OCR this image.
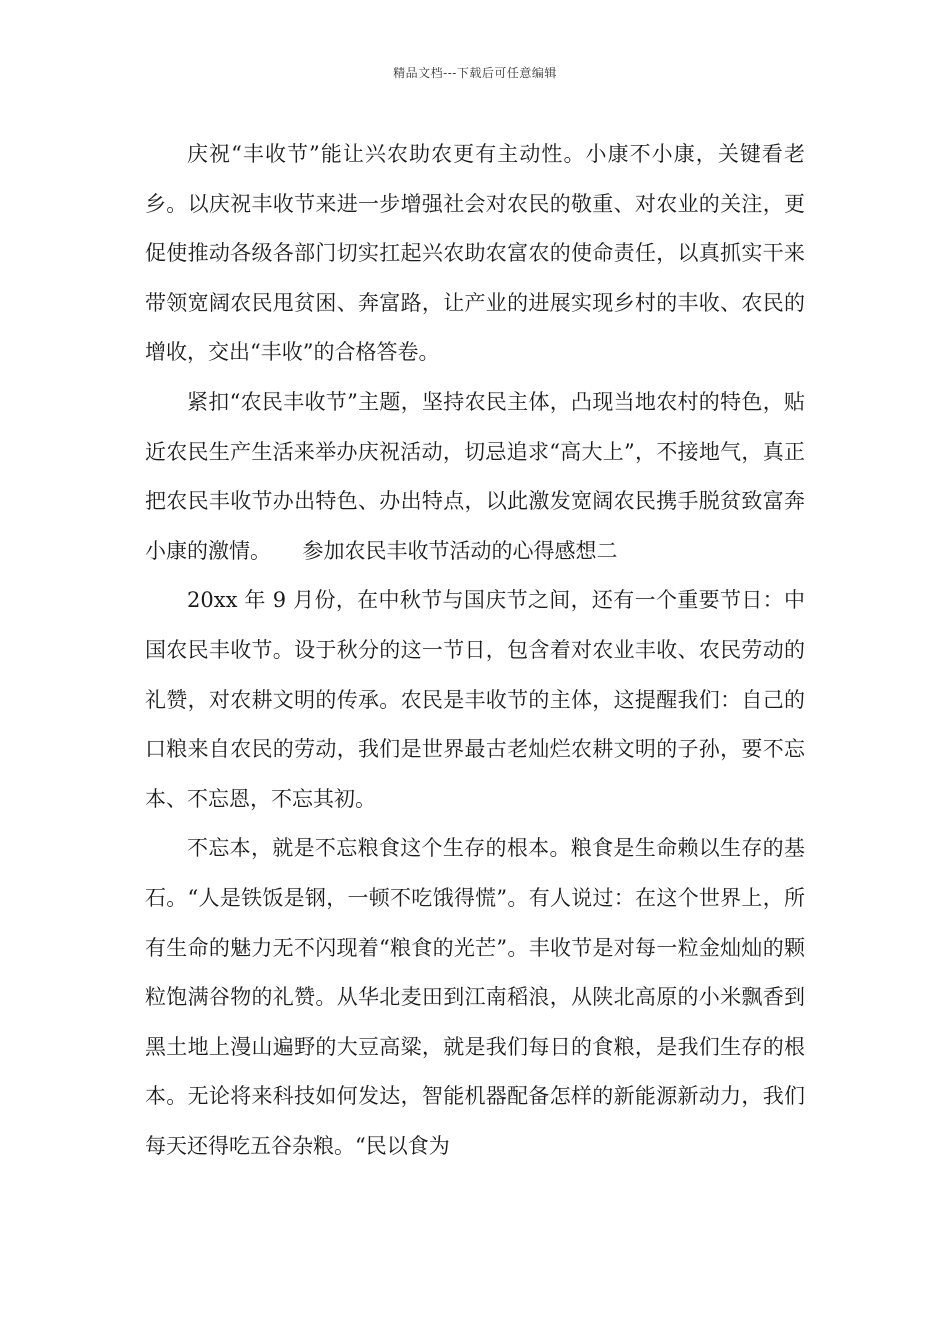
精品文档---下载后可任意编辑

庆祝“丰收节”能让兴农助农更有主动性。小康不小康，关键看老乡。以庆祝丰收节来进一步增强社会对农民的敬重、对农业的关注，更促使推动各级各部门切实扛起兴农助农富农的使命责任，以真抓实干来带领宽阔农民甩贫困、奔富路，让产业的进展实现乡村的丰收、农民的增收，交出“丰收”的合格答卷。

紧扣“农民丰收节”主题，坚持农民主体，凸现当地农村的特色，贴近农民生产生活来举办庆祝活动，切忌追求“高大上”，不接地气，真正把农民丰收节办出特色、办出特点，以此激发宽阔农民携手脱贫致富奔小康的激情。　　参加农民丰收节活动的心得感想二

20xx 年 9 月份，在中秋节与国庆节之间，还有一个重要节日：中国农民丰收节。设于秋分的这一节日，包含着对农业丰收、农民劳动的礼赞，对农耕文明的传承。农民是丰收节的主体，这提醒我们：自己的口粮来自农民的劳动，我们是世界最古老灿烂农耕文明的子孙，要不忘本、不忘恩，不忘其初。

不忘本，就是不忘粮食这个生存的根本。粮食是生命赖以生存的基石。“人是铁饭是钢，一顿不吃饿得慌”。有人说过：在这个世界上，所有生命的魅力无不闪现着“粮食的光芒”。丰收节是对每一粒金灿灿的颗粒饱满谷物的礼赞。从华北麦田到江南稻浪，从陕北高原的小米飘香到黑土地上漫山遍野的大豆高粱，就是我们每日的食粮，是我们生存的根本。无论将来科技如何发达，智能机器配备怎样的新能源新动力，我们每天还得吃五谷杂粮。“民以食为
